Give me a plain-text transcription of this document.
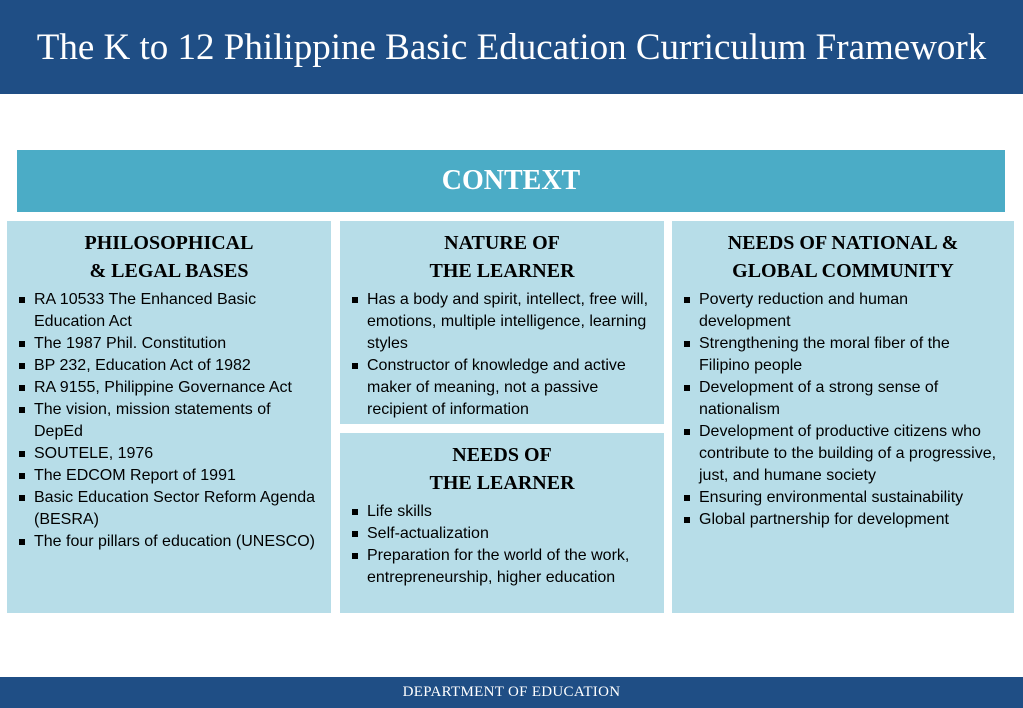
The K to 12 Philippine Basic Education Curriculum Framework
CONTEXT
PHILOSOPHICAL
& LEGAL BASES
RA 10533 The Enhanced Basic Education Act
The 1987 Phil. Constitution
BP 232, Education Act of 1982
RA 9155, Philippine Governance Act
The vision, mission statements of DepEd
SOUTELE, 1976
The EDCOM Report of 1991
Basic Education Sector Reform Agenda (BESRA)
The four pillars of education (UNESCO)
NATURE OF
THE LEARNER
Has a body and spirit, intellect, free will, emotions, multiple intelligence, learning styles
Constructor of knowledge and active maker of meaning, not a passive recipient of information
NEEDS OF
THE LEARNER
Life skills
Self-actualization
Preparation for the world of the work, entrepreneurship, higher education
NEEDS OF NATIONAL &
GLOBAL COMMUNITY
Poverty reduction and human development
Strengthening the moral fiber of the Filipino people
Development of a strong sense of nationalism
Development of productive citizens who contribute to the building of a progressive, just, and humane society
Ensuring environmental sustainability
Global partnership for development
DEPARTMENT OF EDUCATION
